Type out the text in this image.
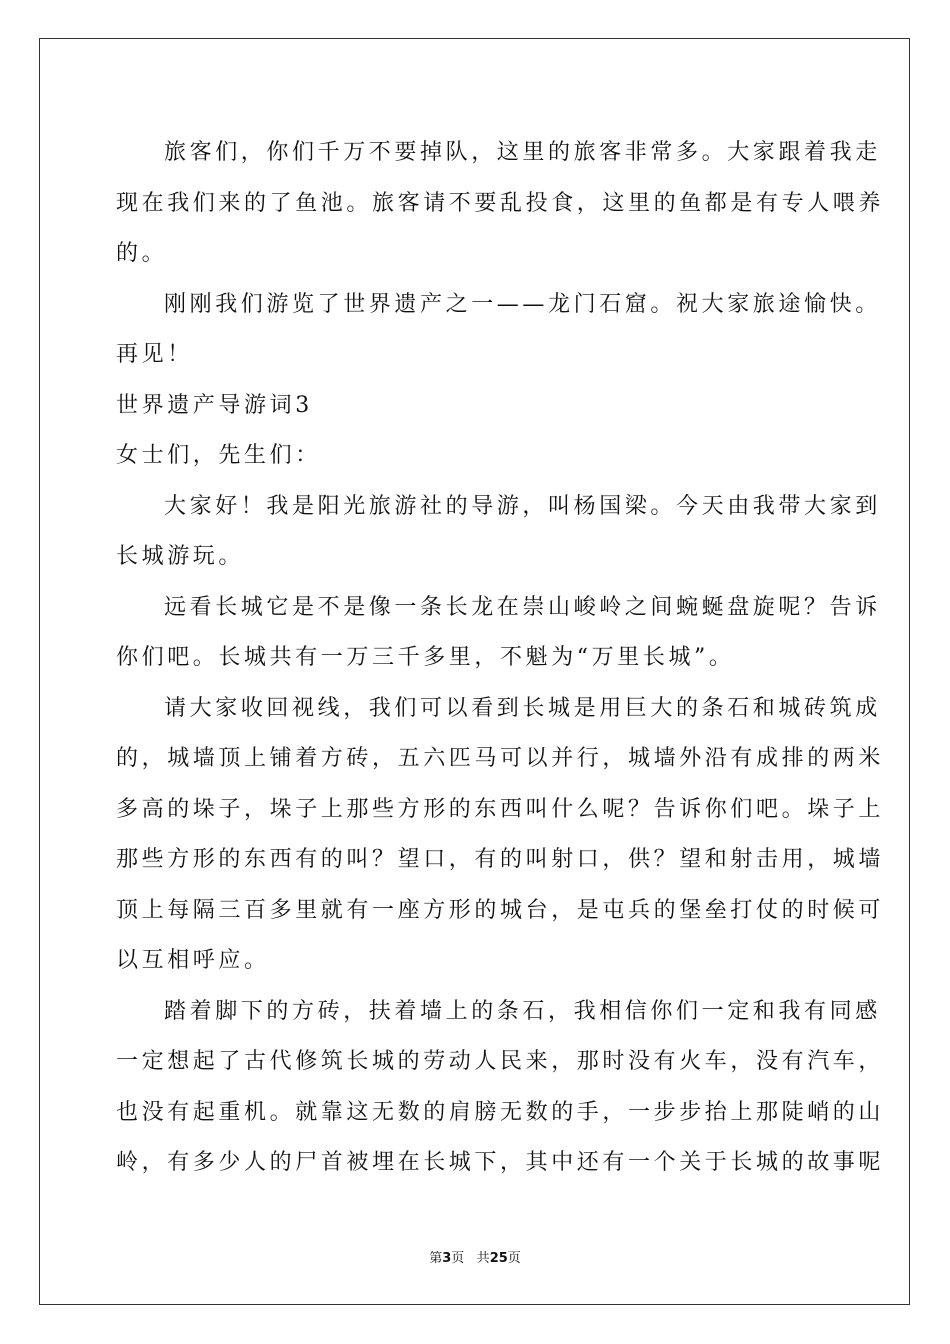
旅客们，你们千万不要掉队，这里的旅客非常多。大家跟着我走
现在我们来的了鱼池。旅客请不要乱投食，这里的鱼都是有专人喂养
的。
刚刚我们游览了世界遗产之一——龙门石窟。祝大家旅途愉快。
再见！
世界遗产导游词3
女士们，先生们：
大家好！我是阳光旅游社的导游，叫杨国梁。今天由我带大家到
长城游玩。
远看长城它是不是像一条长龙在崇山峻岭之间蜿蜒盘旋呢？告诉
你们吧。长城共有一万三千多里，不魁为“万里长城”。
请大家收回视线，我们可以看到长城是用巨大的条石和城砖筑成
的，城墙顶上铺着方砖，五六匹马可以并行，城墙外沿有成排的两米
多高的垛子，垛子上那些方形的东西叫什么呢？告诉你们吧。垛子上
那些方形的东西有的叫？望口，有的叫射口，供？望和射击用，城墙
顶上每隔三百多里就有一座方形的城台，是屯兵的堡垒打仗的时候可
以互相呼应。
踏着脚下的方砖，扶着墙上的条石，我相信你们一定和我有同感
一定想起了古代修筑长城的劳动人民来，那时没有火车，没有汽车，
也没有起重机。就靠这无数的肩膀无数的手，一步步抬上那陡峭的山
岭，有多少人的尸首被埋在长城下，其中还有一个关于长城的故事呢
第3页 共25页
